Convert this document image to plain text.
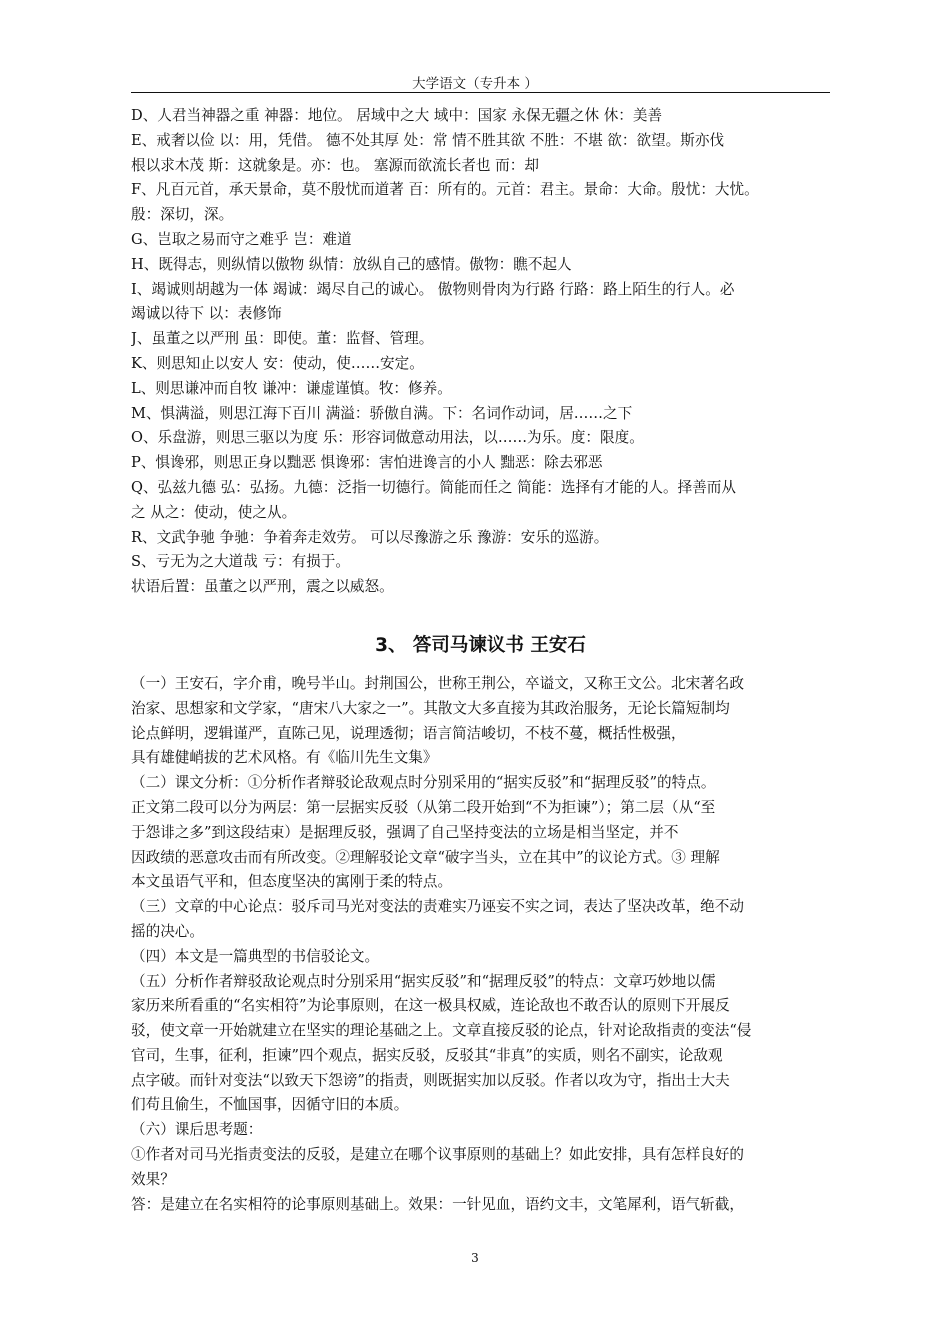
大学语文（专升本 ）
D、人君当神器之重 神器：地位。 居域中之大 域中：国家 永保无疆之休 休：美善
E、戒奢以俭 以：用，凭借。 德不处其厚 处：常 情不胜其欲 不胜：不堪 欲：欲望。斯亦伐
根以求木茂 斯：这就象是。亦：也。 塞源而欲流长者也 而：却
F、凡百元首，承天景命，莫不殷忧而道著 百：所有的。元首：君主。景命：大命。殷忧：大忧。
殷：深切，深。
G、岂取之易而守之难乎 岂：难道
H、既得志，则纵情以傲物 纵情：放纵自己的感情。傲物：瞧不起人
I、竭诚则胡越为一体 竭诚：竭尽自己的诚心。 傲物则骨肉为行路 行路：路上陌生的行人。必
竭诚以待下 以：表修饰
J、虽董之以严刑 虽：即使。董：监督、管理。
K、则思知止以安人 安：使动，使……安定。
L、则思谦冲而自牧 谦冲：谦虚谨慎。牧：修养。
M、惧满溢，则思江海下百川 满溢：骄傲自满。下：名词作动词，居……之下
O、乐盘游，则思三驱以为度 乐：形容词做意动用法，以……为乐。度：限度。
P、惧谗邪，则思正身以黜恶 惧谗邪：害怕进谗言的小人 黜恶：除去邪恶
Q、弘兹九德 弘：弘扬。九德：泛指一切德行。简能而任之 简能：选择有才能的人。择善而从
之 从之：使动，使之从。
R、文武争驰 争驰：争着奔走效劳。 可以尽豫游之乐 豫游：安乐的巡游。
S、亏无为之大道哉 亏：有损于。
状语后置：虽董之以严刑，震之以威怒。
3、 答司马谏议书 王安石
（一）王安石，字介甫，晚号半山。封荆国公，世称王荆公，卒谥文，又称王文公。北宋著名政
治家、思想家和文学家，“唐宋八大家之一”。其散文大多直接为其政治服务，无论长篇短制均
论点鲜明，逻辑谨严，直陈己见，说理透彻；语言简洁峻切，不枝不蔓，概括性极强，
具有雄健峭拔的艺术风格。有《临川先生文集》
（二）课文分析：①分析作者辩驳论敌观点时分别采用的“据实反驳”和“据理反驳”的特点。
正文第二段可以分为两层：第一层据实反驳（从第二段开始到“不为拒谏”）；第二层（从“至
于怨诽之多”到这段结束）是据理反驳，强调了自己坚持变法的立场是相当坚定，并不
因政绩的恶意攻击而有所改变。②理解驳论文章“破字当头，立在其中”的议论方式。③ 理解
本文虽语气平和，但态度坚决的寓刚于柔的特点。
（三）文章的中心论点：驳斥司马光对变法的责难实乃诬妄不实之词，表达了坚决改革，绝不动
摇的决心。
（四）本文是一篇典型的书信驳论文。
（五）分析作者辩驳敌论观点时分别采用“据实反驳”和“据理反驳”的特点：文章巧妙地以儒
家历来所看重的“名实相符”为论事原则，在这一极具权威，连论敌也不敢否认的原则下开展反
驳，使文章一开始就建立在坚实的理论基础之上。文章直接反驳的论点，针对论敌指责的变法“侵
官司，生事，征利，拒谏”四个观点，据实反驳，反驳其“非真”的实质，则名不副实，论敌观
点字破。而针对变法“以致天下怨谤”的指责，则既据实加以反驳。作者以攻为守，指出士大夫
们苟且偷生，不恤国事，因循守旧的本质。
（六）课后思考题：
①作者对司马光指责变法的反驳，是建立在哪个议事原则的基础上？如此安排，具有怎样良好的
效果？
答：是建立在名实相符的论事原则基础上。效果：一针见血，语约文丰，文笔犀利，语气斩截，
3
